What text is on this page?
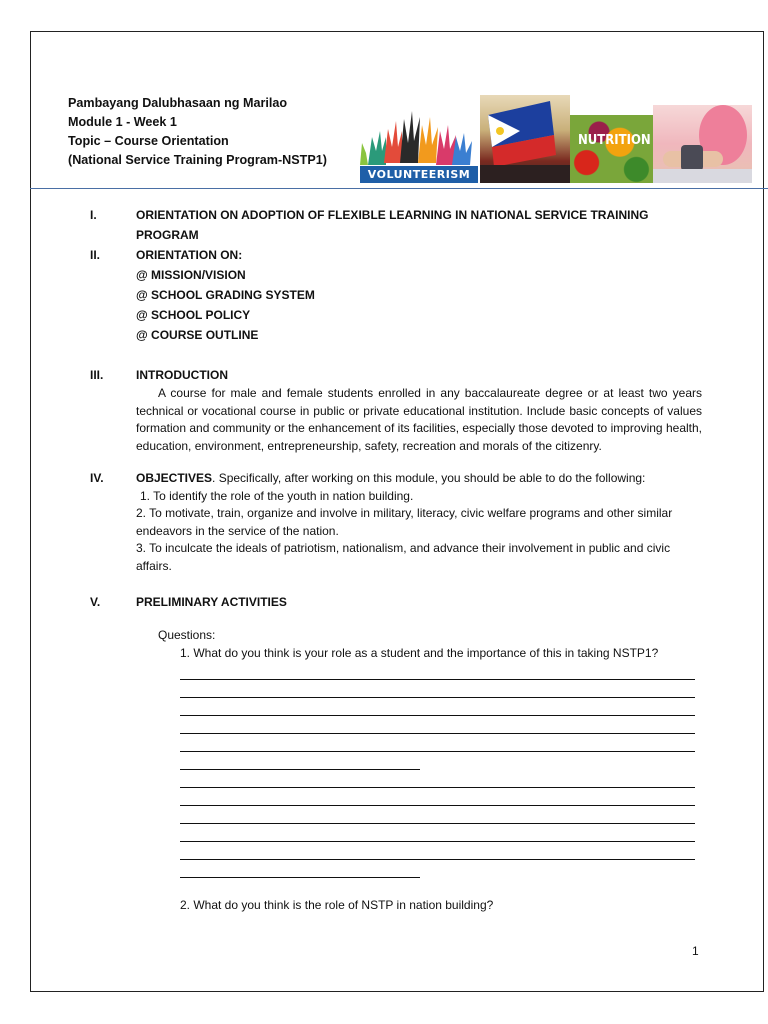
Pambayang Dalubhasaan ng Marilao
Module 1 - Week 1
Topic – Course Orientation
(National Service Training Program-NSTP1)
VOLUNTEERISM
NUTRITION
I.	ORIENTATION ON ADOPTION OF FLEXIBLE LEARNING IN NATIONAL SERVICE TRAINING PROGRAM
II.	ORIENTATION ON:
@ MISSION/VISION
@ SCHOOL GRADING SYSTEM
@ SCHOOL POLICY
@ COURSE OUTLINE
III.	INTRODUCTION
A course for male and female students enrolled in any baccalaureate degree or at least two years technical or vocational course in public or private educational institution. Include basic concepts of values formation and community or the enhancement of its facilities, especially those devoted to improving health, education, environment, entrepreneurship, safety, recreation and morals of the citizenry.
IV.	OBJECTIVES. Specifically, after working on this module, you should be able to do the following:
1. To identify the role of the youth in nation building.
2. To motivate, train, organize and involve in military, literacy, civic welfare programs and other similar endeavors in the service of the nation.
3. To inculcate the ideals of patriotism, nationalism, and advance their involvement in public and civic affairs.
V.	PRELIMINARY ACTIVITIES
Questions:
1. What do you think is your role as a student and the importance of this in taking NSTP1?
2. What do you think is the role of NSTP in nation building?
1
